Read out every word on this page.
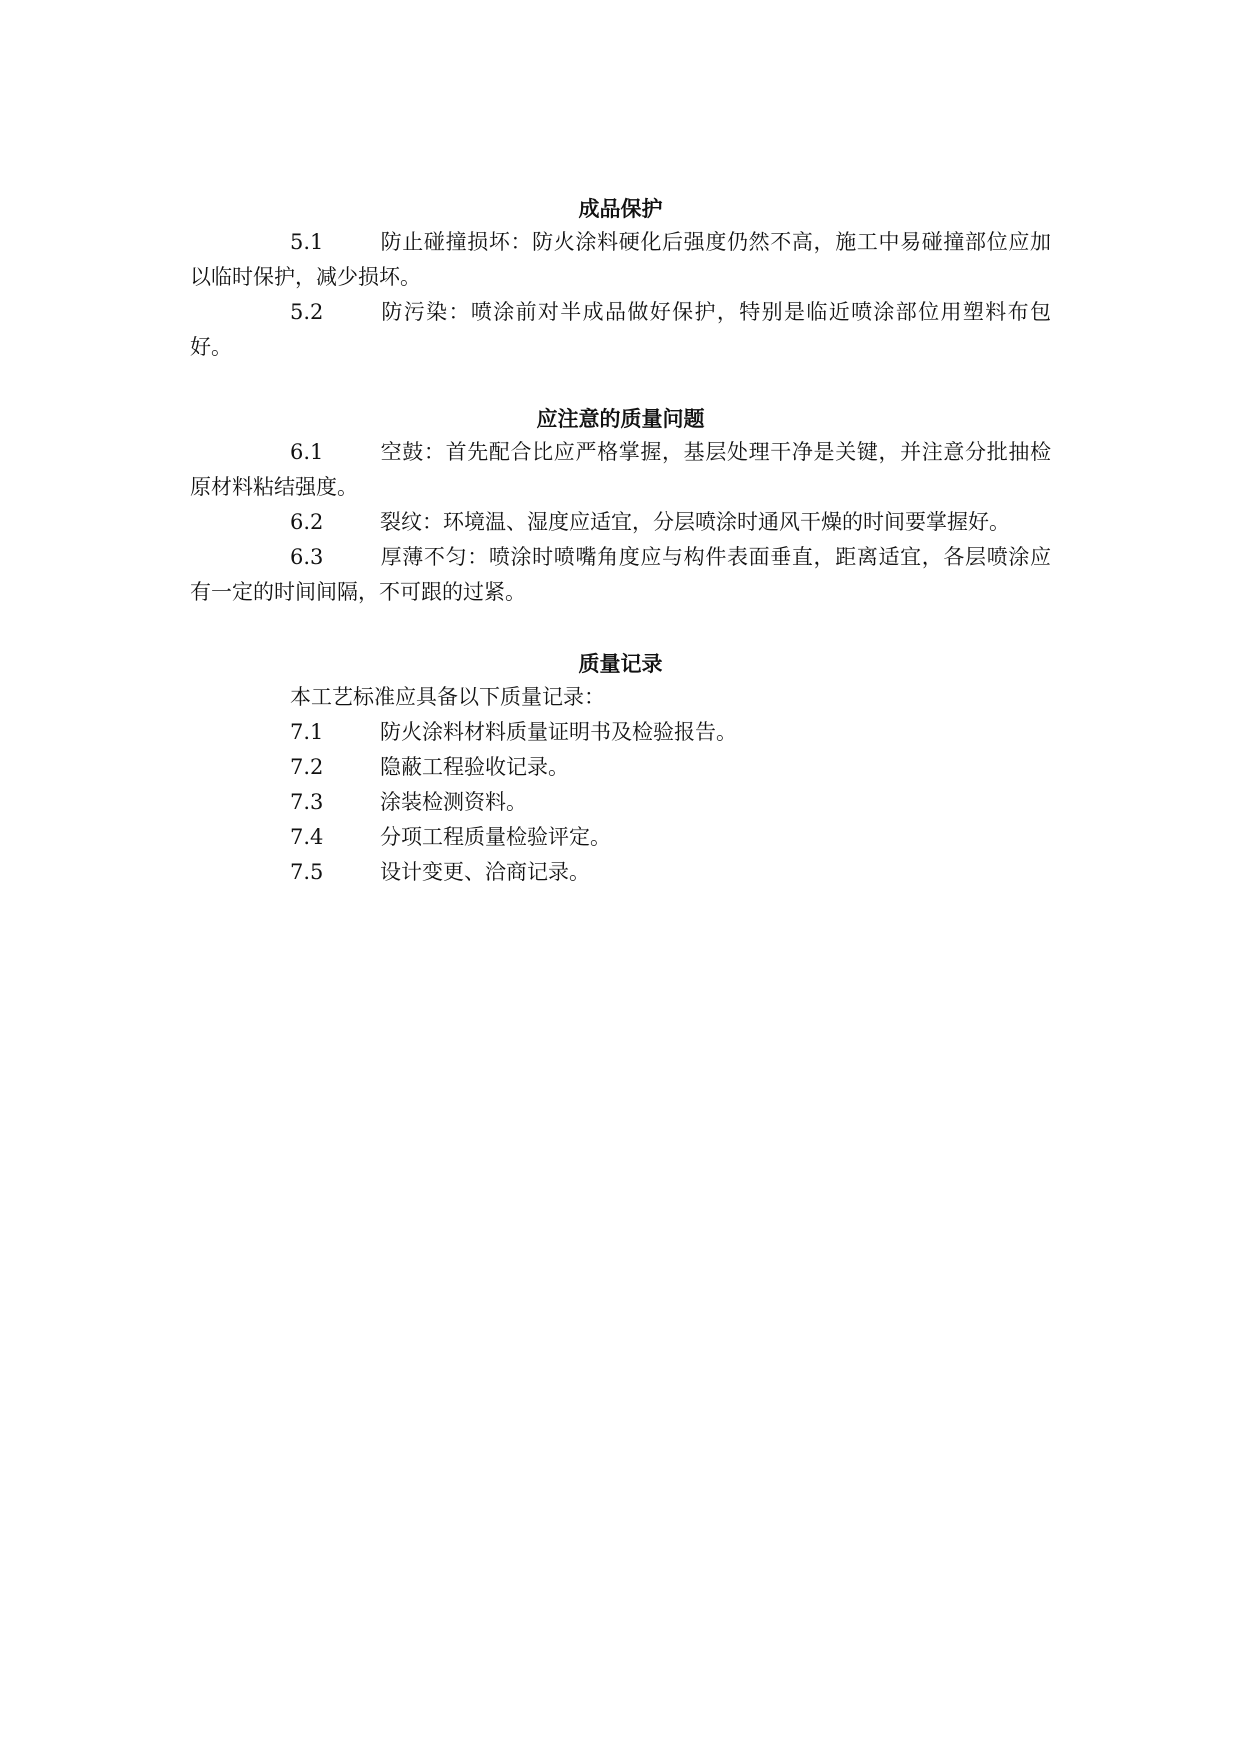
成品保护

5.1	防止碰撞损坏：防火涂料硬化后强度仍然不高，施工中易碰撞部位应加以临时保护，减少损坏。

5.2	防污染：喷涂前对半成品做好保护，特别是临近喷涂部位用塑料布包好。

应注意的质量问题

6.1	空鼓：首先配合比应严格掌握，基层处理干净是关键，并注意分批抽检原材料粘结强度。

6.2	裂纹：环境温、湿度应适宜，分层喷涂时通风干燥的时间要掌握好。

6.3	厚薄不匀：喷涂时喷嘴角度应与构件表面垂直，距离适宜，各层喷涂应有一定的时间间隔，不可跟的过紧。

质量记录

本工艺标准应具备以下质量记录：

7.1	防火涂料材料质量证明书及检验报告。

7.2	隐蔽工程验收记录。

7.3	涂装检测资料。

7.4	分项工程质量检验评定。

7.5	设计变更、洽商记录。
